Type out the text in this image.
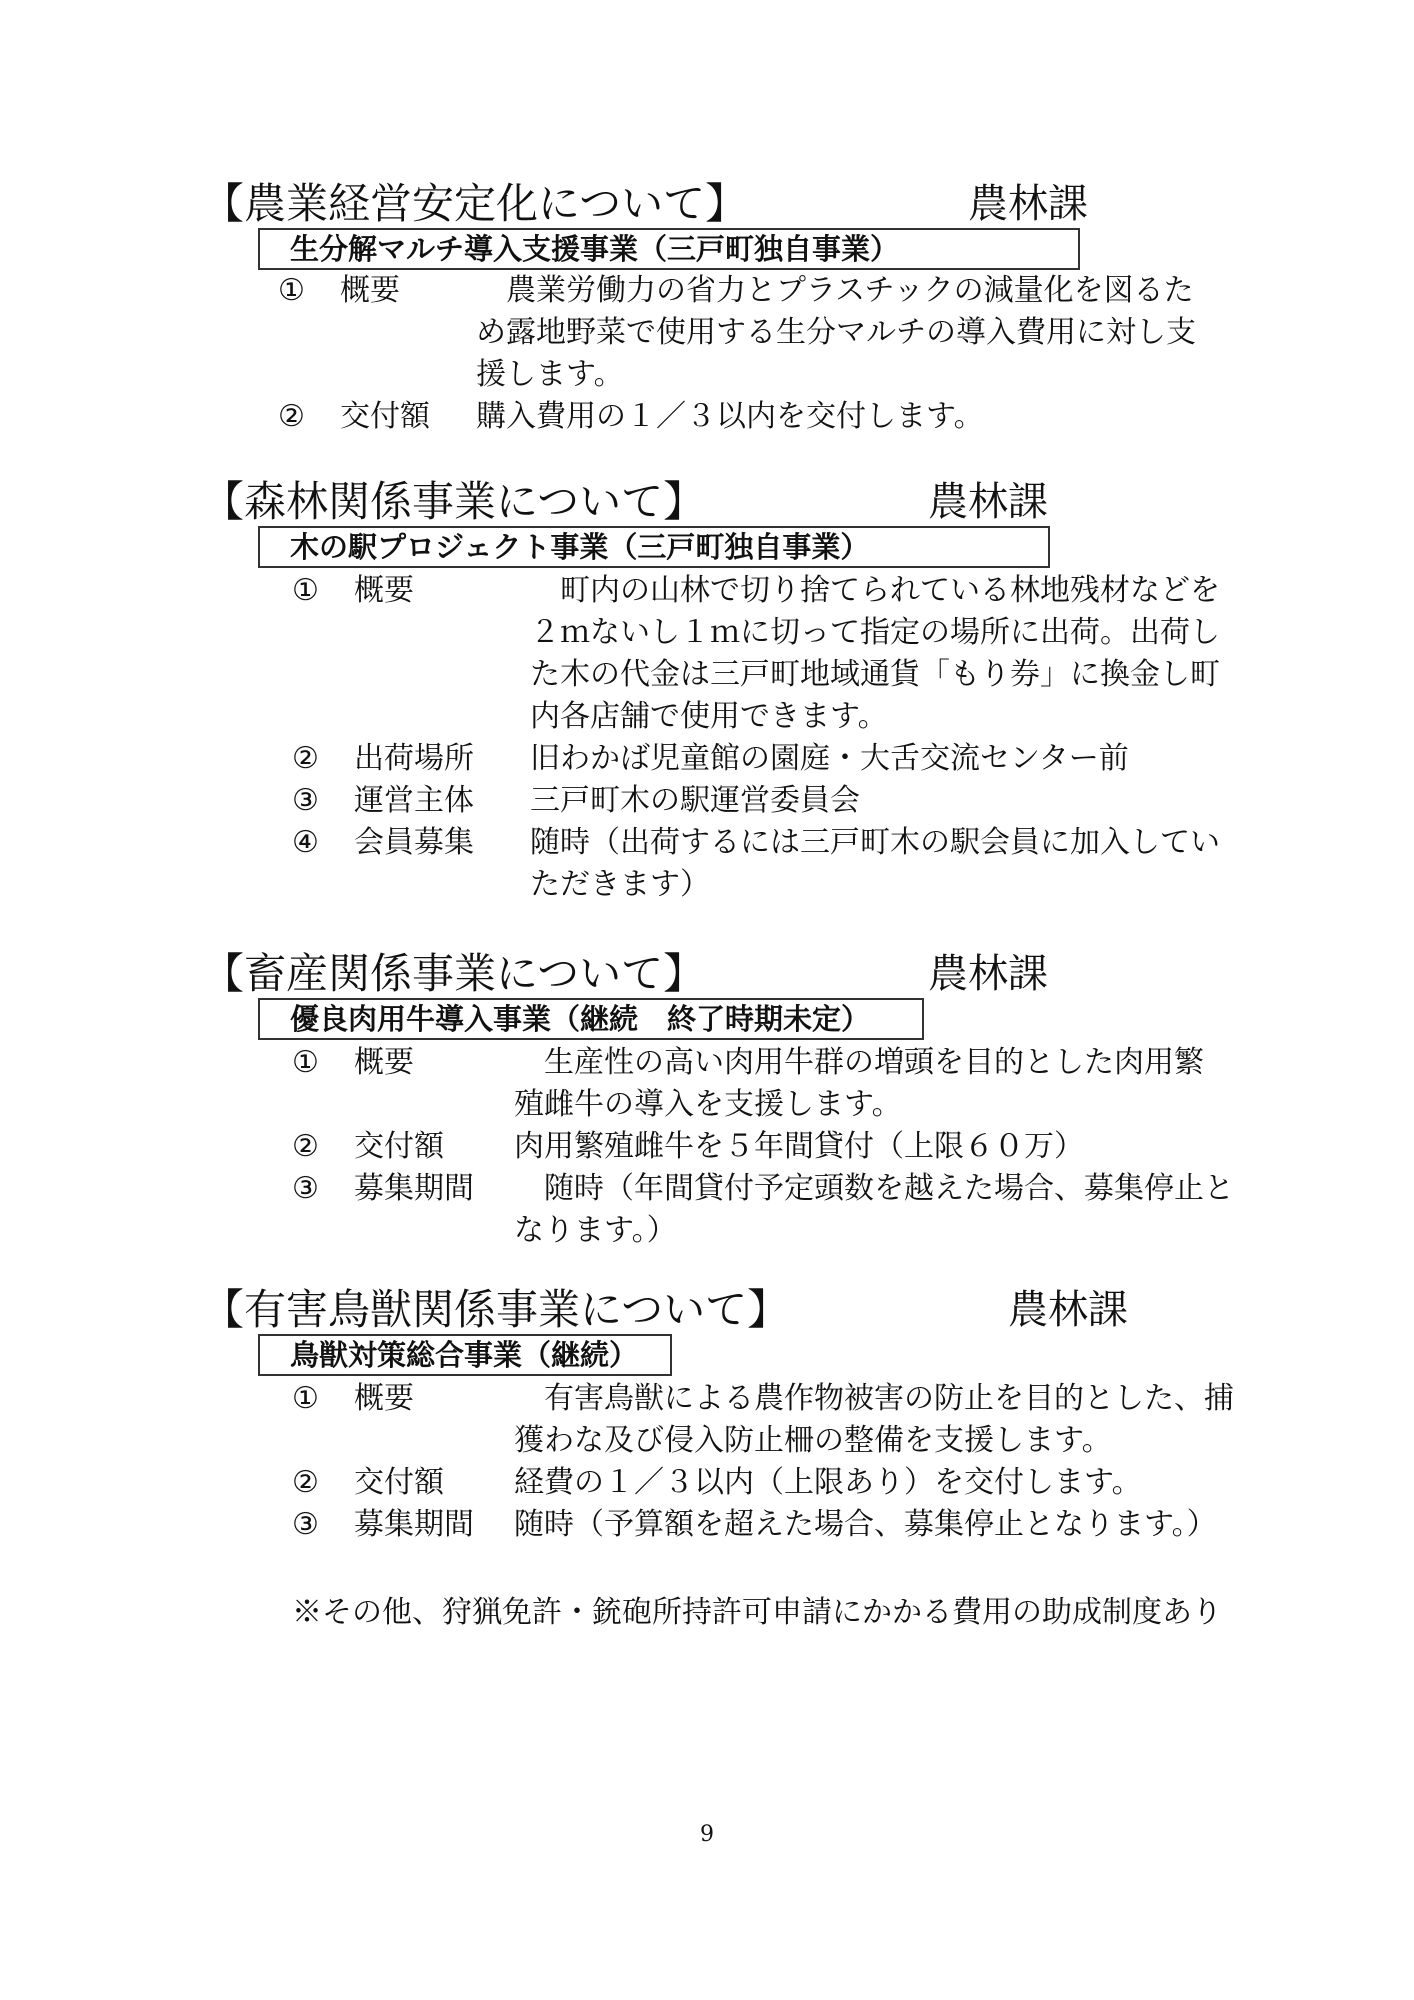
【農業経営安定化について】	農林課
生分解マルチ導入支援事業（三戸町独自事業）
① 概要	　農業労働力の省力とプラスチックの減量化を図るた

め露地野菜で使用する生分マルチの導入費用に対し支

援します。

② 交付額 購入費用の１／３以内を交付します。

【森林関係事業について】	農林課
木の駅プロジェクト事業（三戸町独自事業）
① 概要	　町内の山林で切り捨てられている林地残材などを

２ｍないし１ｍに切って指定の場所に出荷。出荷し

た木の代金は三戸町地域通貨「もり券」に換金し町

内各店舗で使用できます。

② 出荷場所 旧わかば児童館の園庭・大舌交流センター前

③ 運営主体 三戸町木の駅運営委員会

④ 会員募集 随時（出荷するには三戸町木の駅会員に加入してい

ただきます）

【畜産関係事業について】	農林課
優良肉用牛導入事業（継続　終了時期未定）
① 概要	　生産性の高い肉用牛群の増頭を目的とした肉用繁

殖雌牛の導入を支援します。

② 交付額 肉用繁殖雌牛を５年間貸付（上限６０万）

③ 募集期間 　随時（年間貸付予定頭数を越えた場合、募集停止と

なります。）

【有害鳥獣関係事業について】	農林課
鳥獣対策総合事業（継続）
① 概要	　有害鳥獣による農作物被害の防止を目的とした、捕

獲わな及び侵入防止柵の整備を支援します。

② 交付額 経費の１／３以内（上限あり）を交付します。

③ 募集期間 随時（予算額を超えた場合、募集停止となります。）

※その他、狩猟免許・銃砲所持許可申請にかかる費用の助成制度あり
9
